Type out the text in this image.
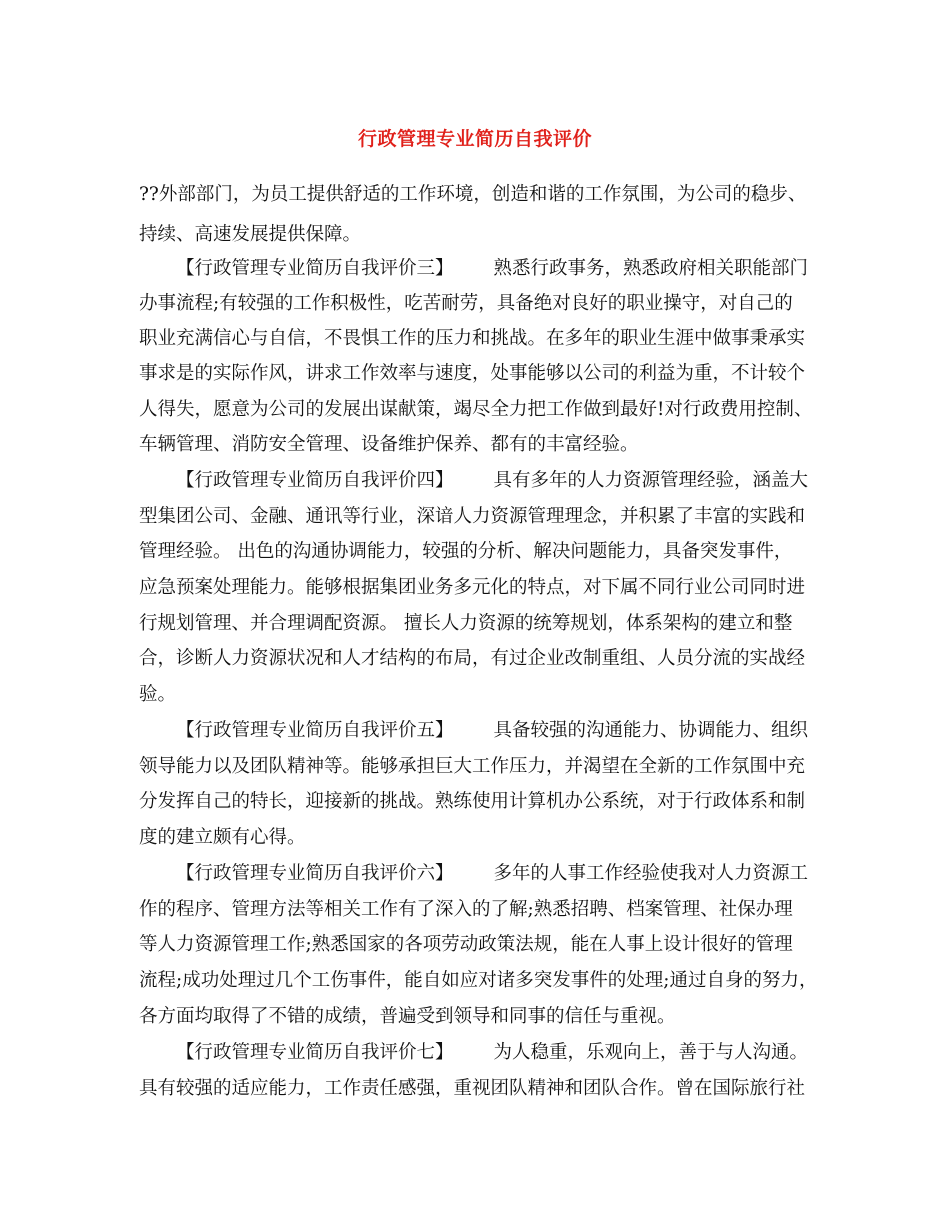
行政管理专业简历自我评价
??外部部门，为员工提供舒适的工作环境，创造和谐的工作氛围，为公司的稳步、
持续、高速发展提供保障。
【行政管理专业简历自我评价三】 熟悉行政事务，熟悉政府相关职能部门
办事流程;有较强的工作积极性，吃苦耐劳，具备绝对良好的职业操守，对自己的
职业充满信心与自信，不畏惧工作的压力和挑战。在多年的职业生涯中做事秉承实
事求是的实际作风，讲求工作效率与速度，处事能够以公司的利益为重，不计较个
人得失，愿意为公司的发展出谋献策，竭尽全力把工作做到最好!对行政费用控制、
车辆管理、消防安全管理、设备维护保养、都有的丰富经验。
【行政管理专业简历自我评价四】 具有多年的人力资源管理经验，涵盖大
型集团公司、金融、通讯等行业，深谙人力资源管理理念，并积累了丰富的实践和
管理经验。 出色的沟通协调能力，较强的分析、解决问题能力，具备突发事件，
应急预案处理能力。能够根据集团业务多元化的特点，对下属不同行业公司同时进
行规划管理、并合理调配资源。 擅长人力资源的统筹规划，体系架构的建立和整
合，诊断人力资源状况和人才结构的布局，有过企业改制重组、人员分流的实战经
验。
【行政管理专业简历自我评价五】 具备较强的沟通能力、协调能力、组织
领导能力以及团队精神等。能够承担巨大工作压力，并渴望在全新的工作氛围中充
分发挥自己的特长，迎接新的挑战。熟练使用计算机办公系统，对于行政体系和制
度的建立颇有心得。
【行政管理专业简历自我评价六】 多年的人事工作经验使我对人力资源工
作的程序、管理方法等相关工作有了深入的了解;熟悉招聘、档案管理、社保办理
等人力资源管理工作;熟悉国家的各项劳动政策法规，能在人事上设计很好的管理
流程;成功处理过几个工伤事件，能自如应对诸多突发事件的处理;通过自身的努力，
各方面均取得了不错的成绩，普遍受到领导和同事的信任与重视。
【行政管理专业简历自我评价七】 为人稳重，乐观向上，善于与人沟通。
具有较强的适应能力，工作责任感强，重视团队精神和团队合作。曾在国际旅行社
